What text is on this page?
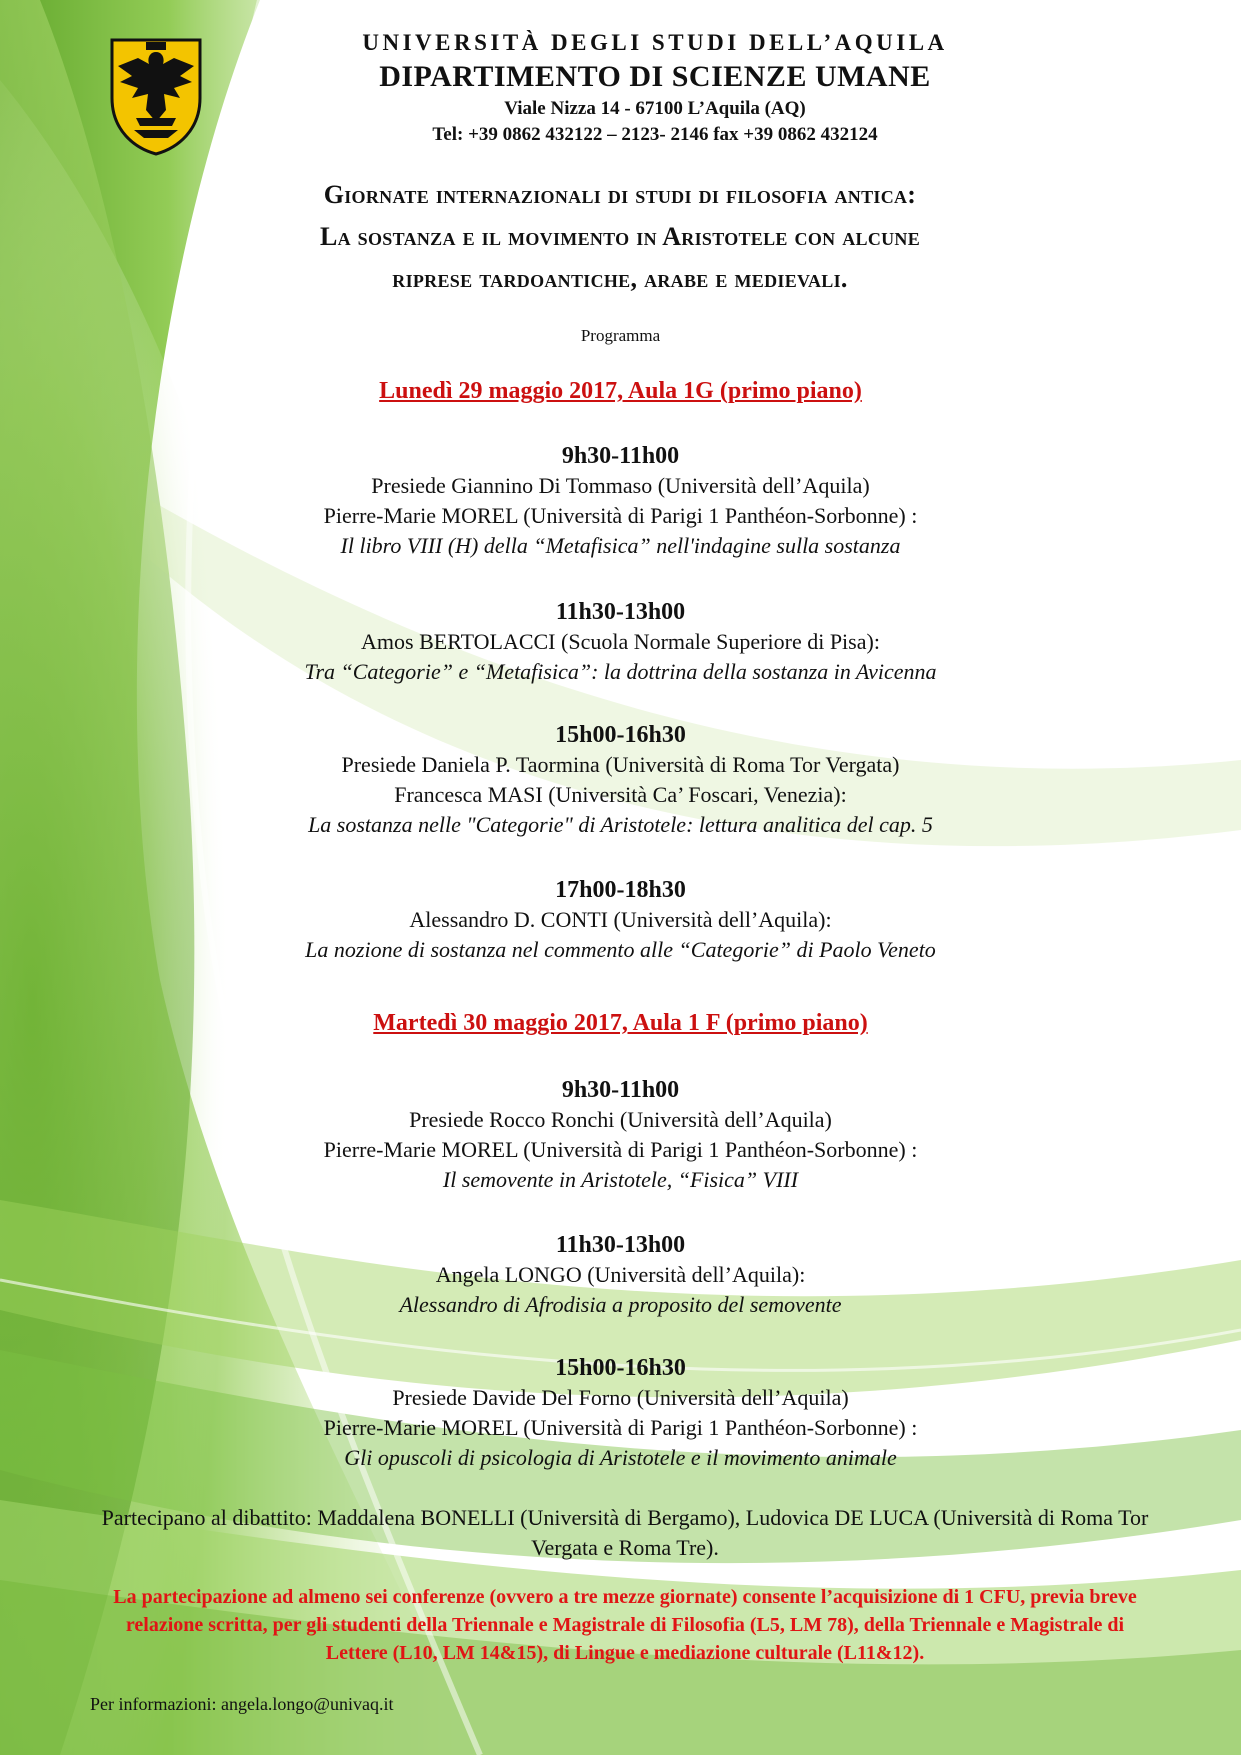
UNIVERSITÀ DEGLI STUDI DELL’AQUILA
DIPARTIMENTO DI SCIENZE UMANE
Viale Nizza 14 - 67100 L’Aquila (AQ)
Tel: +39 0862 432122 – 2123- 2146 fax +39 0862 432124
Giornate internazionali di studi di filosofia antica:
La sostanza e il movimento in Aristotele con alcune
riprese tardoantiche, arabe e medievali.
Programma
Lunedì 29 maggio 2017, Aula 1G (primo piano)
9h30-11h00
Presiede Giannino Di Tommaso (Università dell’Aquila)
Pierre-Marie MOREL (Università di Parigi 1 Panthéon-Sorbonne) :
Il libro VIII (H) della “Metafisica” nell'indagine sulla sostanza
11h30-13h00
Amos BERTOLACCI (Scuola Normale Superiore di Pisa):
Tra “Categorie” e “Metafisica”: la dottrina della sostanza in Avicenna
15h00-16h30
Presiede Daniela P. Taormina (Università di Roma Tor Vergata)
Francesca MASI (Università Ca’ Foscari, Venezia):
La sostanza nelle "Categorie" di Aristotele: lettura analitica del cap. 5
17h00-18h30
Alessandro D. CONTI (Università dell’Aquila):
La nozione di sostanza nel commento alle “Categorie” di Paolo Veneto
Martedì 30 maggio 2017, Aula 1 F (primo piano)
9h30-11h00
Presiede Rocco Ronchi (Università dell’Aquila)
Pierre-Marie MOREL (Università di Parigi 1 Panthéon-Sorbonne) :
Il semovente in Aristotele, “Fisica” VIII
11h30-13h00
Angela LONGO (Università dell’Aquila):
Alessandro di Afrodisia a proposito del semovente
15h00-16h30
Presiede Davide Del Forno (Università dell’Aquila)
Pierre-Marie MOREL (Università di Parigi 1 Panthéon-Sorbonne) :
Gli opuscoli di psicologia di Aristotele e il movimento animale
Partecipano al dibattito: Maddalena BONELLI (Università di Bergamo), Ludovica DE LUCA (Università di Roma Tor Vergata e Roma Tre).
La partecipazione ad almeno sei conferenze (ovvero a tre mezze giornate) consente l’acquisizione di 1 CFU, previa breve relazione scritta, per gli studenti della Triennale e Magistrale di Filosofia (L5, LM 78), della Triennale e Magistrale di Lettere (L10, LM 14&15), di Lingue e mediazione culturale (L11&12).
Per informazioni: angela.longo@univaq.it
